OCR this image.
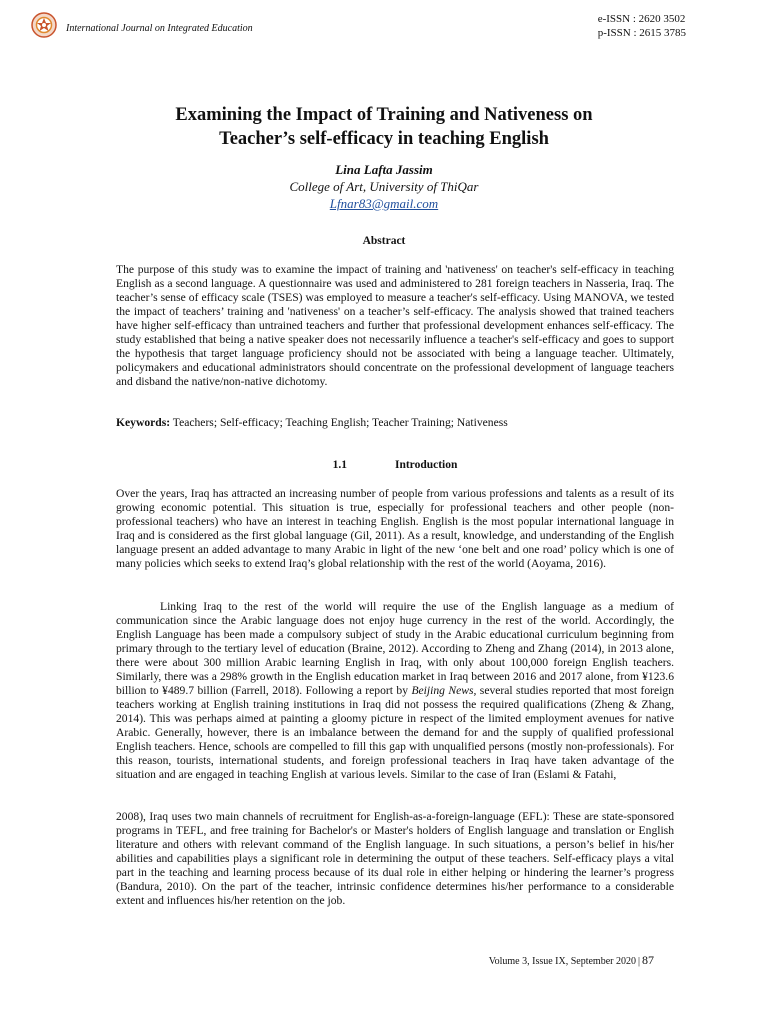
International Journal on Integrated Education
e-ISSN : 2620 3502
p-ISSN : 2615 3785
Examining the Impact of Training and Nativeness on
Teacher’s self-efficacy in teaching English
Lina Lafta Jassim
College of Art, University of ThiQar
Lfnar83@gmail.com
Abstract
The purpose of this study was to examine the impact of training and 'nativeness' on teacher's self-efficacy in teaching English as a second language. A questionnaire was used and administered to 281 foreign teachers in Nasseria, Iraq. The teacher’s sense of efficacy scale (TSES) was employed to measure a teacher's self-efficacy. Using MANOVA, we tested the impact of teachers’ training and 'nativeness' on a teacher’s self-efficacy. The analysis showed that trained teachers have higher self-efficacy than untrained teachers and further that professional development enhances self-efficacy. The study established that being a native speaker does not necessarily influence a teacher's self-efficacy and goes to support the hypothesis that target language proficiency should not be associated with being a language teacher. Ultimately, policymakers and educational administrators should concentrate on the professional development of language teachers and disband the native/non-native dichotomy.
Keywords: Teachers; Self-efficacy; Teaching English; Teacher Training; Nativeness
1.1	Introduction
Over the years, Iraq has attracted an increasing number of people from various professions and talents as a result of its growing economic potential. This situation is true, especially for professional teachers and other people (non-professional teachers) who have an interest in teaching English. English is the most popular international language in Iraq and is considered as the first global language (Gil, 2011). As a result, knowledge, and understanding of the English language present an added advantage to many Arabic in light of the new ‘one belt and one road’ policy which is one of many policies which seeks to extend Iraq’s global relationship with the rest of the world (Aoyama, 2016).
Linking Iraq to the rest of the world will require the use of the English language as a medium of communication since the Arabic language does not enjoy huge currency in the rest of the world. Accordingly, the English Language has been made a compulsory subject of study in the Arabic educational curriculum beginning from primary through to the tertiary level of education (Braine, 2012). According to Zheng and Zhang (2014), in 2013 alone, there were about 300 million Arabic learning English in Iraq, with only about 100,000 foreign English teachers. Similarly, there was a 298% growth in the English education market in Iraq between 2016 and 2017 alone, from ¥123.6 billion to ¥489.7 billion (Farrell, 2018). Following a report by Beijing News, several studies reported that most foreign teachers working at English training institutions in Iraq did not possess the required qualifications (Zheng & Zhang, 2014). This was perhaps aimed at painting a gloomy picture in respect of the limited employment avenues for native Arabic. Generally, however, there is an imbalance between the demand for and the supply of qualified professional English teachers. Hence, schools are compelled to fill this gap with unqualified persons (mostly non-professionals). For this reason, tourists, international students, and foreign professional teachers in Iraq have taken advantage of the situation and are engaged in teaching English at various levels. Similar to the case of Iran (Eslami & Fatahi,
2008), Iraq uses two main channels of recruitment for English-as-a-foreign-language (EFL): These are state-sponsored programs in TEFL, and free training for Bachelor's or Master's holders of English language and translation or English literature and others with relevant command of the English language. In such situations, a person’s belief in his/her abilities and capabilities plays a significant role in determining the output of these teachers. Self-efficacy plays a vital part in the teaching and learning process because of its dual role in either helping or hindering the learner’s progress (Bandura, 2010). On the part of the teacher, intrinsic confidence determines his/her performance to a considerable extent and influences his/her retention on the job.
Volume 3, Issue IX, September 2020 | 87
